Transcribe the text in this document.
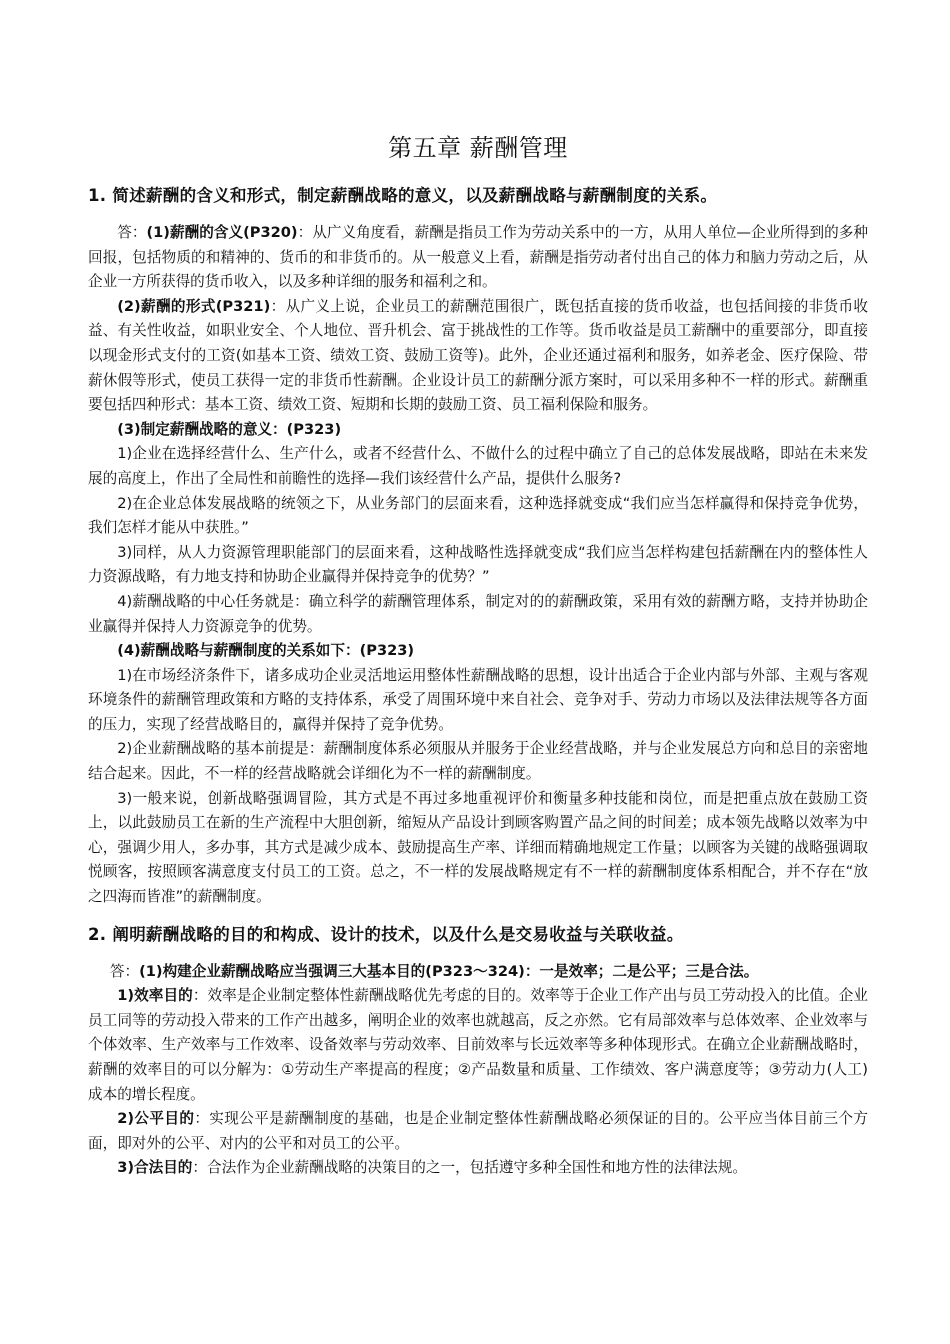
第五章 薪酬管理
1. 简述薪酬的含义和形式，制定薪酬战略的意义，以及薪酬战略与薪酬制度的关系。

答：(1)薪酬的含义(P320)：从广义角度看，薪酬是指员工作为劳动关系中的一方，从用人单位—企业所得到的多种回报，包括物质的和精神的、货币的和非货币的。从一般意义上看，薪酬是指劳动者付出自己的体力和脑力劳动之后，从企业一方所获得的货币收入，以及多种详细的服务和福利之和。

(2)薪酬的形式(P321)：从广义上说，企业员工的薪酬范围很广，既包括直接的货币收益，也包括间接的非货币收益、有关性收益，如职业安全、个人地位、晋升机会、富于挑战性的工作等。货币收益是员工薪酬中的重要部分，即直接以现金形式支付的工资(如基本工资、绩效工资、鼓励工资等)。此外，企业还通过福利和服务，如养老金、医疗保险、带薪休假等形式，使员工获得一定的非货币性薪酬。企业设计员工的薪酬分派方案时，可以采用多种不一样的形式。薪酬重要包括四种形式：基本工资、绩效工资、短期和长期的鼓励工资、员工福利保险和服务。

(3)制定薪酬战略的意义：(P323)

1)企业在选择经营什么、生产什么，或者不经营什么、不做什么的过程中确立了自己的总体发展战略，即站在未来发展的高度上，作出了全局性和前瞻性的选择—我们该经营什么产品，提供什么服务?

2)在企业总体发展战略的统领之下，从业务部门的层面来看，这种选择就变成“我们应当怎样赢得和保持竞争优势，我们怎样才能从中获胜。”

3)同样，从人力资源管理职能部门的层面来看，这种战略性选择就变成“我们应当怎样构建包括薪酬在内的整体性人力资源战略，有力地支持和协助企业赢得并保持竞争的优势？”

4)薪酬战略的中心任务就是：确立科学的薪酬管理体系，制定对的的薪酬政策，采用有效的薪酬方略，支持并协助企业赢得并保持人力资源竞争的优势。

(4)薪酬战略与薪酬制度的关系如下：(P323)

1)在市场经济条件下，诸多成功企业灵活地运用整体性薪酬战略的思想，设计出适合于企业内部与外部、主观与客观环境条件的薪酬管理政策和方略的支持体系，承受了周围环境中来自社会、竞争对手、劳动力市场以及法律法规等各方面的压力，实现了经营战略目的，赢得并保持了竞争优势。

2)企业薪酬战略的基本前提是：薪酬制度体系必须服从并服务于企业经营战略，并与企业发展总方向和总目的亲密地结合起来。因此，不一样的经营战略就会详细化为不一样的薪酬制度。

3)一般来说，创新战略强调冒险，其方式是不再过多地重视评价和衡量多种技能和岗位，而是把重点放在鼓励工资上，以此鼓励员工在新的生产流程中大胆创新，缩短从产品设计到顾客购置产品之间的时间差；成本领先战略以效率为中心，强调少用人，多办事，其方式是减少成本、鼓励提高生产率、详细而精确地规定工作量；以顾客为关键的战略强调取悦顾客，按照顾客满意度支付员工的工资。总之，不一样的发展战略规定有不一样的薪酬制度体系相配合，并不存在“放之四海而皆准”的薪酬制度。

2. 阐明薪酬战略的目的和构成、设计的技术，以及什么是交易收益与关联收益。

答：(1)构建企业薪酬战略应当强调三大基本目的(P323～324)：一是效率；二是公平；三是合法。

1)效率目的：效率是企业制定整体性薪酬战略优先考虑的目的。效率等于企业工作产出与员工劳动投入的比值。企业员工同等的劳动投入带来的工作产出越多，阐明企业的效率也就越高，反之亦然。它有局部效率与总体效率、企业效率与个体效率、生产效率与工作效率、设备效率与劳动效率、目前效率与长远效率等多种体现形式。在确立企业薪酬战略时，薪酬的效率目的可以分解为：①劳动生产率提高的程度；②产品数量和质量、工作绩效、客户满意度等；③劳动力(人工)成本的增长程度。

2)公平目的：实现公平是薪酬制度的基础，也是企业制定整体性薪酬战略必须保证的目的。公平应当体目前三个方面，即对外的公平、对内的公平和对员工的公平。

3)合法目的：合法作为企业薪酬战略的决策目的之一，包括遵守多种全国性和地方性的法律法规。
